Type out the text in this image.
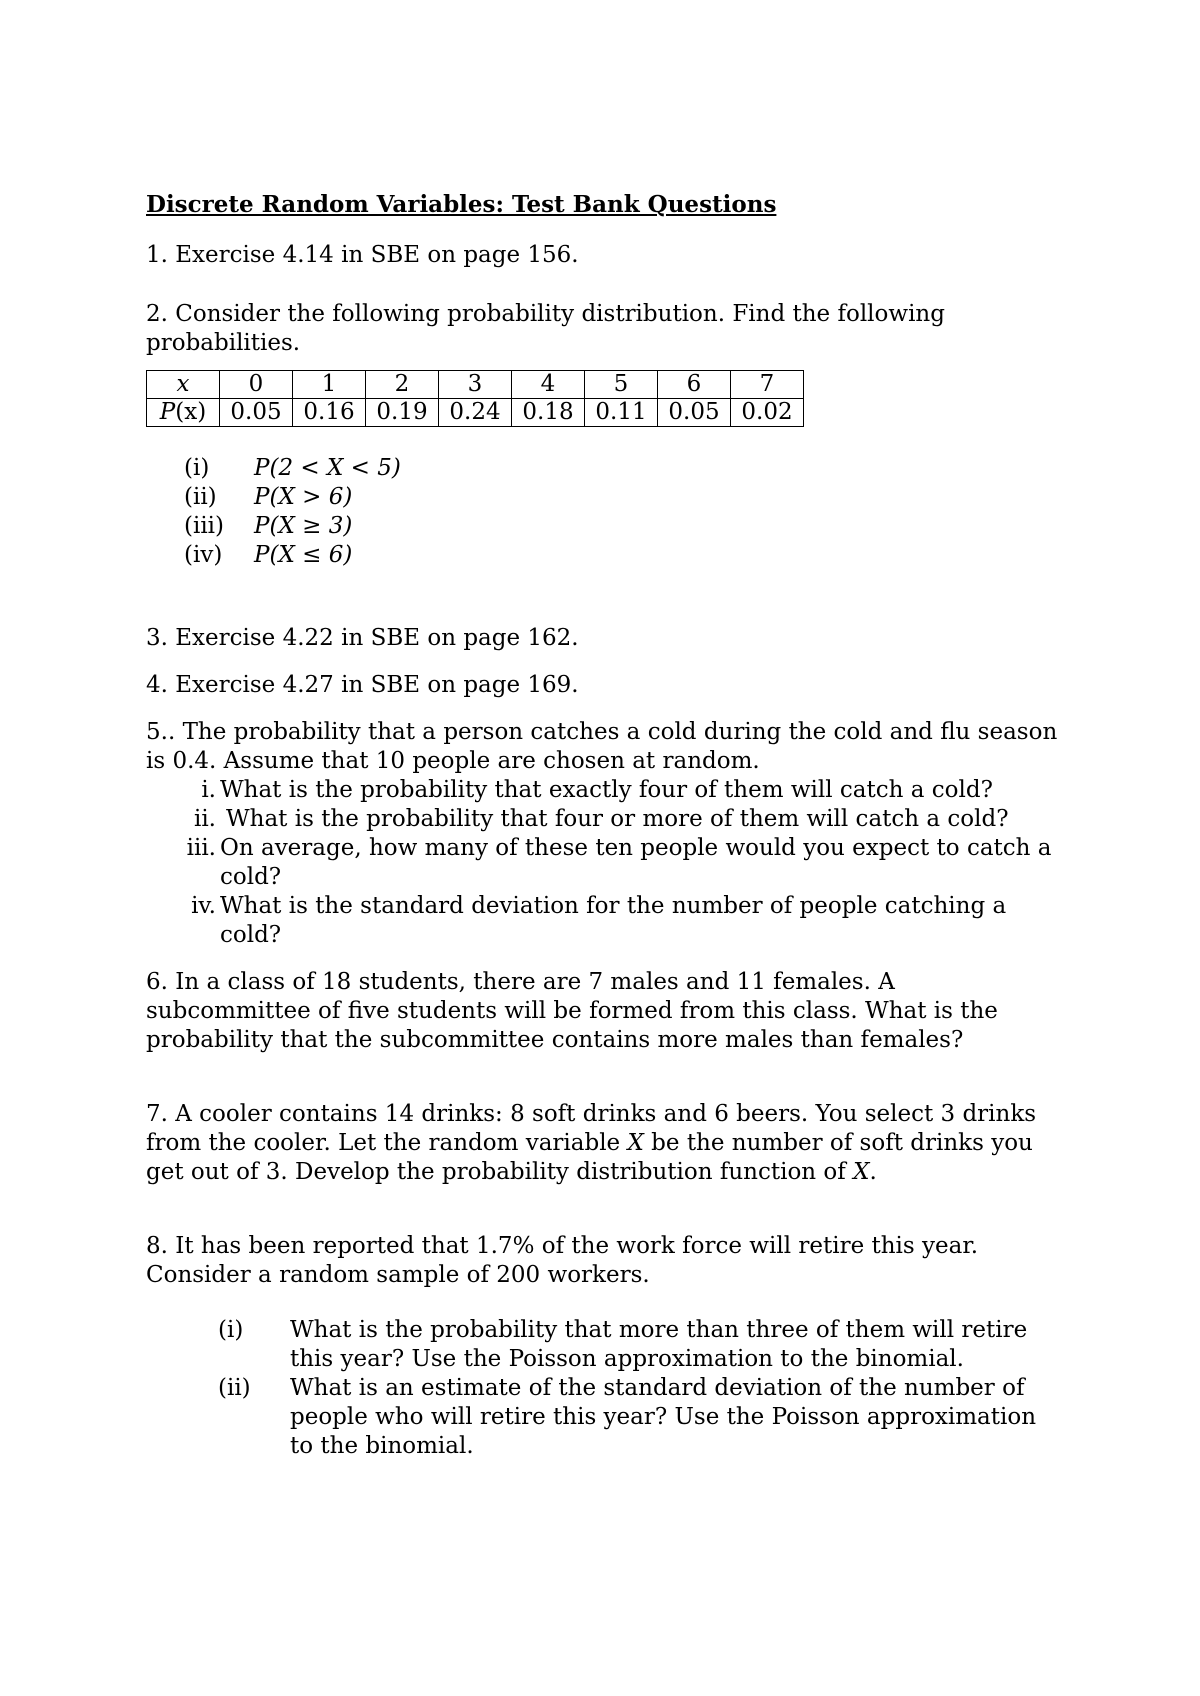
Discrete Random Variables: Test Bank Questions

1. Exercise 4.14 in SBE on page 156.

2. Consider the following probability distribution. Find the following probabilities.

x	0	1	2	3	4	5	6	7
P(x)	0.05	0.16	0.19	0.24	0.18	0.11	0.05	0.02
(i)	P(2 < X < 5)
(ii)	P(X > 6)
(iii)	P(X ≥ 3)
(iv)	P(X ≤ 6)

3. Exercise 4.22 in SBE on page 162.

4. Exercise 4.27 in SBE on page 169.

5.. The probability that a person catches a cold during the cold and flu season is 0.4. Assume that 10 people are chosen at random.

i. What is the probability that exactly four of them will catch a cold?
ii. What is the probability that four or more of them will catch a cold?
iii. On average, how many of these ten people would you expect to catch a cold?
iv. What is the standard deviation for the number of people catching a cold?

6. In a class of 18 students, there are 7 males and 11 females. A subcommittee of five students will be formed from this class. What is the probability that the subcommittee contains more males than females?

7. A cooler contains 14 drinks: 8 soft drinks and 6 beers. You select 3 drinks from the cooler. Let the random variable X be the number of soft drinks you get out of 3. Develop the probability distribution function of X.

8. It has been reported that 1.7% of the work force will retire this year. Consider a random sample of 200 workers.

(i)	What is the probability that more than three of them will retire this year? Use the Poisson approximation to the binomial.
(ii)	What is an estimate of the standard deviation of the number of people who will retire this year? Use the Poisson approximation to the binomial.
